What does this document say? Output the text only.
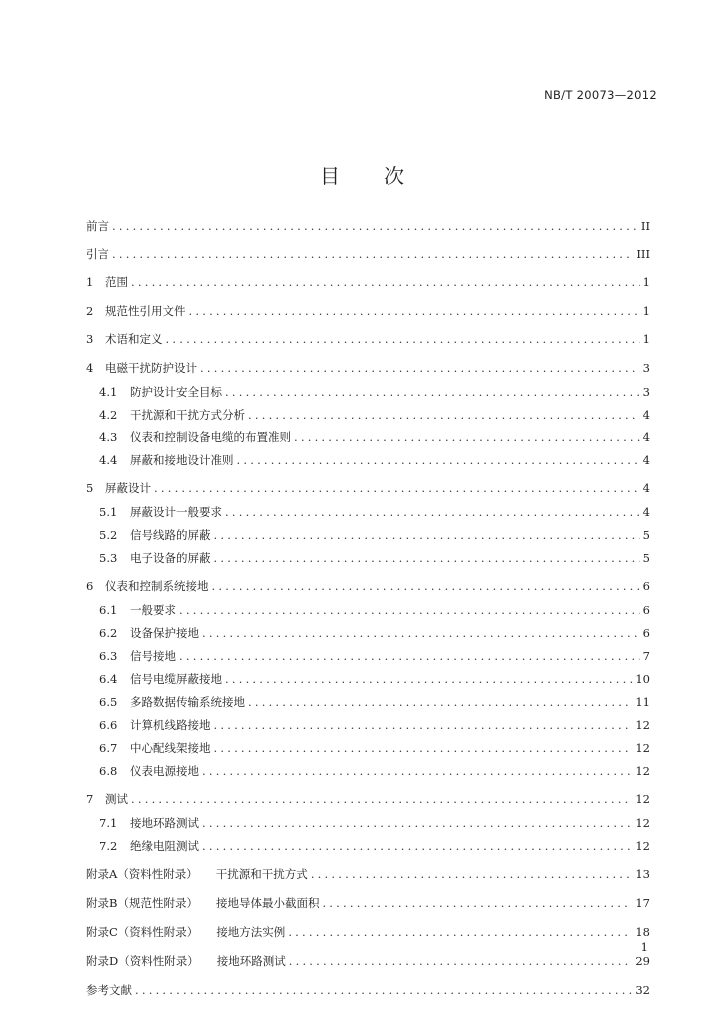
NB/T 20073—2012
目 次
前言 .....	II
引言 .....	III
1 范围 .....	1
2 规范性引用文件 .....	1
3 术语和定义 .....	1
4 电磁干扰防护设计 .....	3
4.1 防护设计安全目标 .....	3
4.2 干扰源和干扰方式分析 .....	4
4.3 仪表和控制设备电缆的布置准则 .....	4
4.4 屏蔽和接地设计准则 .....	4
5 屏蔽设计 .....	4
5.1 屏蔽设计一般要求 .....	4
5.2 信号线路的屏蔽 .....	5
5.3 电子设备的屏蔽 .....	5
6 仪表和控制系统接地 .....	6
6.1 一般要求 .....	6
6.2 设备保护接地 .....	6
6.3 信号接地 .....	7
6.4 信号电缆屏蔽接地 .....	10
6.5 多路数据传输系统接地 .....	11
6.6 计算机线路接地 .....	12
6.7 中心配线架接地 .....	12
6.8 仪表电源接地 .....	12
7 测试 .....	12
7.1 接地环路测试 .....	12
7.2 绝缘电阻测试 .....	12
附录A（资料性附录） 干扰源和干扰方式 .....	13
附录B（规范性附录） 接地导体最小截面积 .....	17
附录C（资料性附录） 接地方法实例 .....	18
附录D（资料性附录） 接地环路测试 .....	29
参考文献 .....	32
1
